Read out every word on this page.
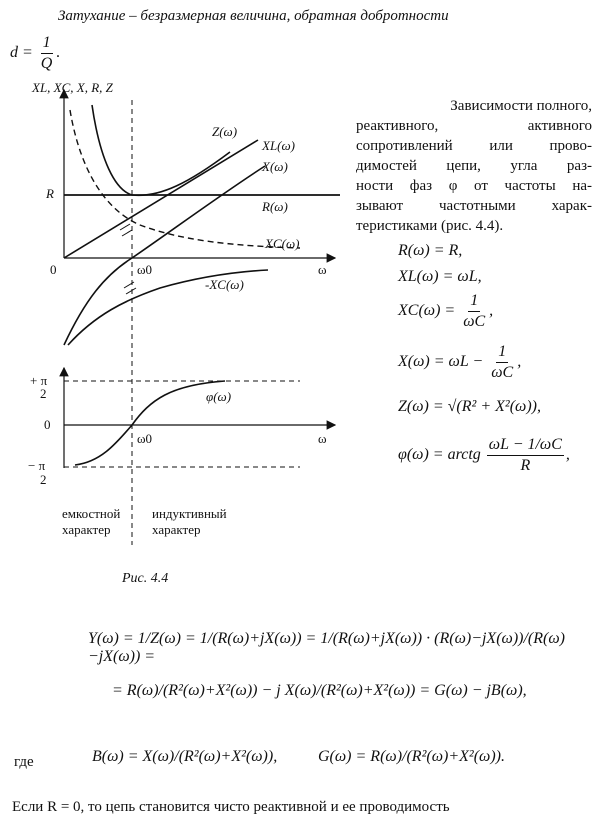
Затухание – безразмерная величина, обратная добротности
$d = \frac{1}{Q}$ .
XL, XC, X, R, Z
R
0	ω0	ω
Z(ω)
XL(ω)
X(ω)
R(ω)
XC(ω)
-XC(ω)
+ π
2
0
− π
2
ω0	ω
φ(ω)
емкостной
характер
индуктивный
характер
Рис. 4.4
Зависимости полного,
реактивного, активного
сопротивлений или прово-
димостей цепи, угла раз-
ности фаз φ от частоты на-
зывают частотными харак-
теристиками (рис. 4.4).
R(ω) = R,
XL(ω) = ωL,
$XC(\omega) = \frac{1}{\omega C}$ ,
$X(\omega) = \omega L - \frac{1}{\omega C}$ ,
Z(ω) = √(R² + X²(ω)),
φ(ω) = arctg $\frac{\omega L - 1/\omega C}{R}$ ,
Y(ω) = 1/Z(ω) = 1/(R(ω)+jX(ω)) = 1/(R(ω)+jX(ω)) · (R(ω)−jX(ω))/(R(ω)−jX(ω)) =
= R(ω)/(R²(ω)+X²(ω)) − j X(ω)/(R²(ω)+X²(ω)) = G(ω) − jB(ω),
где	B(ω) = X(ω)/(R²(ω)+X²(ω)),	G(ω) = R(ω)/(R²(ω)+X²(ω)).
Если R = 0, то цепь становится чисто реактивной и ее проводимость
